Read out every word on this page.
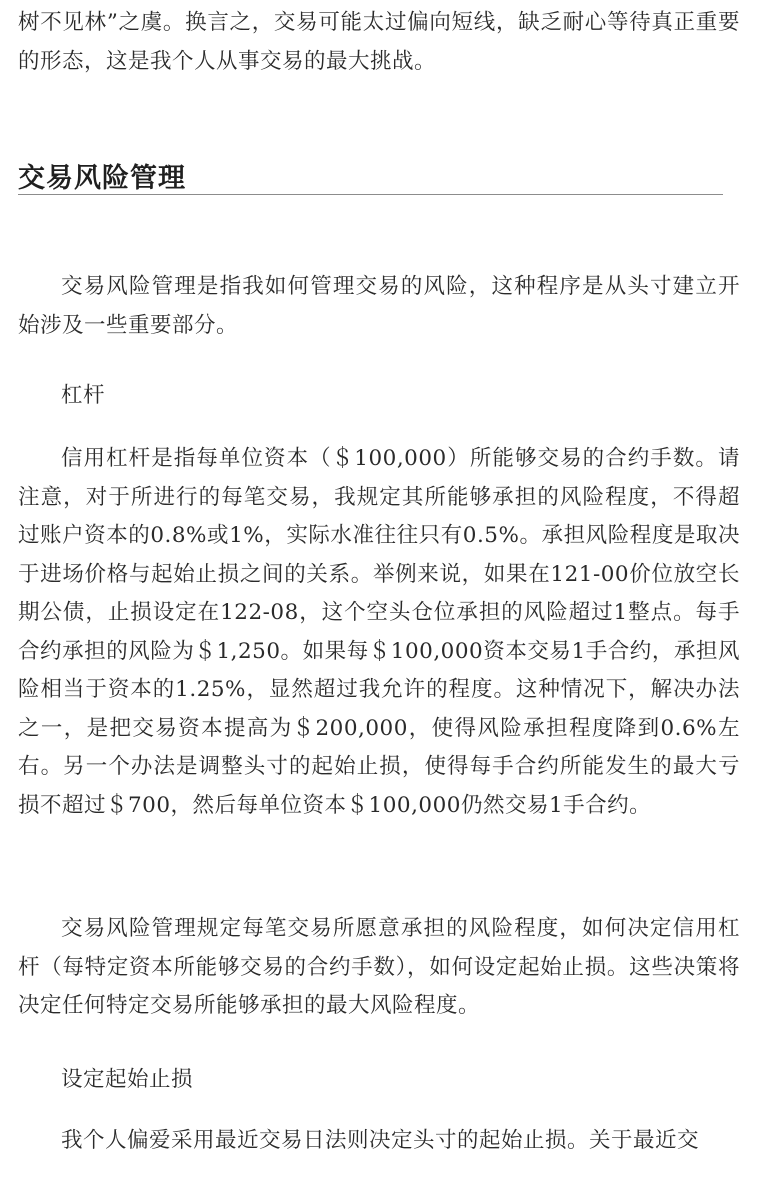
树不见林”之虞。换言之，交易可能太过偏向短线，缺乏耐心等待真正重要的形态，这是我个人从事交易的最大挑战。

交易风险管理

交易风险管理是指我如何管理交易的风险，这种程序是从头寸建立开始涉及一些重要部分。

杠杆

信用杠杆是指每单位资本（＄100,000）所能够交易的合约手数。请注意，对于所进行的每笔交易，我规定其所能够承担的风险程度，不得超过账户资本的0.8%或1%，实际水准往往只有0.5%。承担风险程度是取决于进场价格与起始止损之间的关系。举例来说，如果在121-00价位放空长期公债，止损设定在122-08，这个空头仓位承担的风险超过1整点。每手合约承担的风险为＄1,250。如果每＄100,000资本交易1手合约，承担风险相当于资本的1.25%，显然超过我允许的程度。这种情况下，解决办法之一，是把交易资本提高为＄200,000，使得风险承担程度降到0.6%左右。另一个办法是调整头寸的起始止损，使得每手合约所能发生的最大亏损不超过＄700，然后每单位资本＄100,000仍然交易1手合约。

交易风险管理规定每笔交易所愿意承担的风险程度，如何决定信用杠杆（每特定资本所能够交易的合约手数），如何设定起始止损。这些决策将决定任何特定交易所能够承担的最大风险程度。

设定起始止损

我个人偏爱采用最近交易日法则决定头寸的起始止损。关于最近交
